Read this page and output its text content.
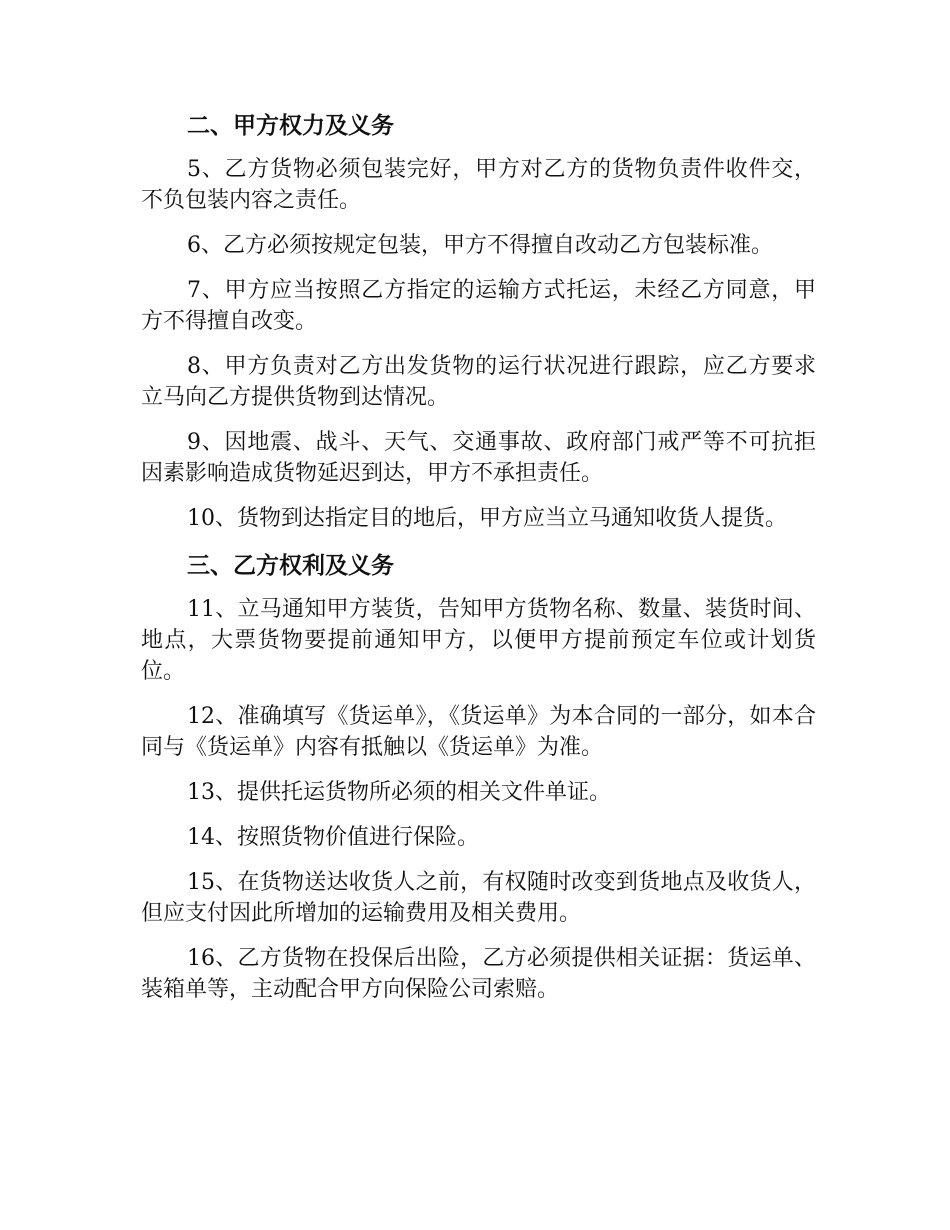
二、甲方权力及义务

5、乙方货物必须包装完好，甲方对乙方的货物负责件收件交，不负包装内容之责任。

6、乙方必须按规定包装，甲方不得擅自改动乙方包装标准。

7、甲方应当按照乙方指定的运输方式托运，未经乙方同意，甲方不得擅自改变。

8、甲方负责对乙方出发货物的运行状况进行跟踪，应乙方要求立马向乙方提供货物到达情况。

9、因地震、战斗、天气、交通事故、政府部门戒严等不可抗拒因素影响造成货物延迟到达，甲方不承担责任。

10、货物到达指定目的地后，甲方应当立马通知收货人提货。

三、乙方权利及义务

11、立马通知甲方装货，告知甲方货物名称、数量、装货时间、地点，大票货物要提前通知甲方，以便甲方提前预定车位或计划货位。

12、准确填写《货运单》，《货运单》为本合同的一部分，如本合同与《货运单》内容有抵触以《货运单》为准。

13、提供托运货物所必须的相关文件单证。

14、按照货物价值进行保险。

15、在货物送达收货人之前，有权随时改变到货地点及收货人，但应支付因此所增加的运输费用及相关费用。

16、乙方货物在投保后出险，乙方必须提供相关证据：货运单、装箱单等，主动配合甲方向保险公司索赔。
